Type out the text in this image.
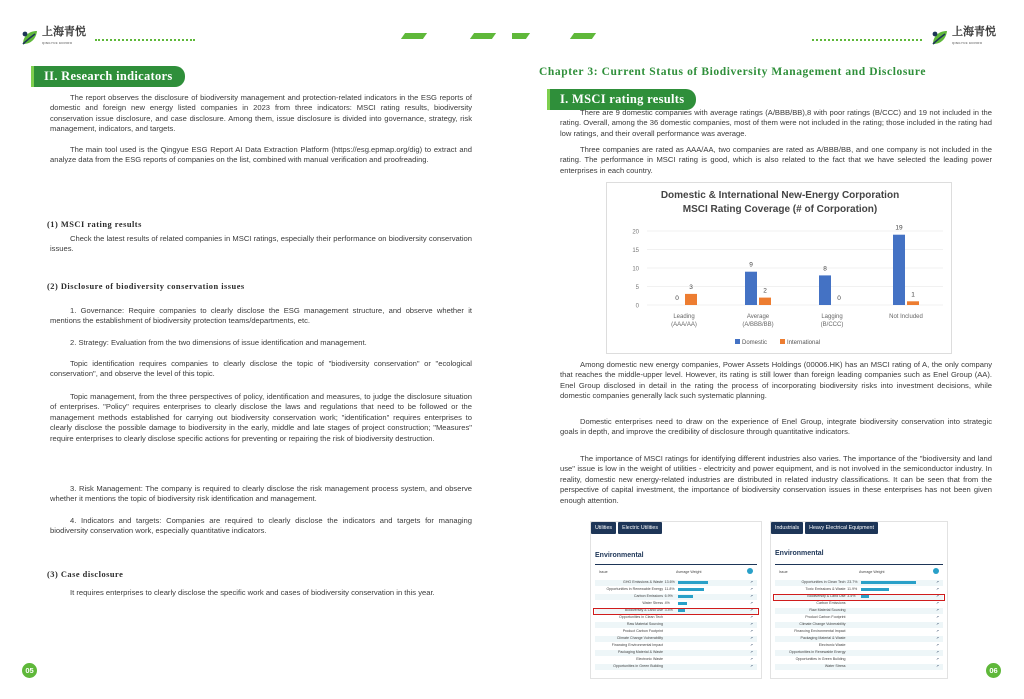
上海青悦
QINGYUE ENVIRO
II. Research indicators
The report observes the disclosure of biodiversity management and protection-related indicators in the ESG reports of domestic and foreign new energy listed companies in 2023 from three indicators: MSCI rating results, biodiversity conservation issue disclosure, and case disclosure. Among them, issue disclosure is divided into governance, strategy, risk management, indicators, and targets.
The main tool used is the Qingyue ESG Report AI Data Extraction Platform (https://esg.epmap.org/dig) to extract and analyze data from the ESG reports of companies on the list, combined with manual verification and proofreading.
(1) MSCI rating results
Check the latest results of related companies in MSCI ratings, especially their performance on biodiversity conservation issues.
(2) Disclosure of biodiversity conservation issues
1. Governance: Require companies to clearly disclose the ESG management structure, and observe whether it mentions the establishment of biodiversity protection teams/departments, etc.
2. Strategy: Evaluation from the two dimensions of issue identification and management.
Topic identification requires companies to clearly disclose the topic of "biodiversity conservation" or "ecological conservation", and observe the level of this topic.
Topic management, from the three perspectives of policy, identification and measures, to judge the disclosure situation of enterprises. "Policy" requires enterprises to clearly disclose the laws and regulations that need to be followed or the management methods established for carrying out biodiversity conservation work; "identification" requires enterprises to clearly disclose the possible damage to biodiversity in the early, middle and late stages of project construction; "Measures" require enterprises to clearly disclose specific actions for preventing or repairing the risk of biodiversity destruction.
3. Risk Management: The company is required to clearly disclose the risk management process system, and observe whether it mentions the topic of biodiversity risk identification and management.
4. Indicators and targets: Companies are required to clearly disclose the indicators and targets for managing biodiversity conservation work, especially quantitative indicators.
(3) Case disclosure
It requires enterprises to clearly disclose the specific work and cases of biodiversity conservation in this year.
05
上海青悦
QINGYUE ENVIRO
Chapter 3: Current Status of Biodiversity Management and Disclosure
I. MSCI rating results
There are 9 domestic companies with average ratings (A/BBB/BB),8 with poor ratings (B/CCC) and 19 not included in the rating. Overall, among the 36 domestic companies, most of them were not included in the rating; those included in the rating had low ratings, and their overall performance was average.
Three companies are rated as AAA/AA, two companies are rated as A/BBB/BB, and one company is not included in the rating. The performance in MSCI rating is good, which is also related to the fact that we have selected the leading power enterprises in each country.
Domestic & International New-Energy Corporation
MSCI Rating Coverage (# of Corporation)
0
5
10
15
20
0
3
Leading
(AAA/AA)
9
2
Average
(A/BBB/BB)
8
0
Lagging
(B/CCC)
19
1
Not Included
Domestic	International
Among domestic new energy companies, Power Assets Holdings (00006.HK) has an MSCI rating of A, the only company that reaches the middle-upper level. However, its rating is still lower than foreign leading companies such as Enel Group (AA). Enel Group disclosed in detail in the rating the process of incorporating biodiversity risks into investment decisions, while domestic companies generally lack such systematic planning.
Domestic enterprises need to draw on the experience of Enel Group, integrate biodiversity conservation into strategic goals in depth, and improve the credibility of disclosure through quantitative indicators.
The importance of MSCI ratings for identifying different industries also varies. The importance of the "biodiversity and land use" issue is low in the weight of utilities - electricity and power equipment, and is not involved in the semiconductor industry. In reality, domestic new energy-related industries are distributed in related industry classifications. It can be seen that from the perspective of capital investment, the importance of biodiversity conservation issues in these enterprises has not been given enough attention.
Utilities	Electric Utilities
Environmental
Issue	Average Weight
GHG Emissions & Waste 13.6%	↗
Opportunities in Renewable Energy 11.8%	↗
Carbon Emissions 6.9%	↗
Water Stress 4%	↗
Biodiversity & Land Use 3.4%	↗
Opportunities in Clean Tech	↗
Raw Material Sourcing	↗
Product Carbon Footprint	↗
Climate Change Vulnerability	↗
Financing Environmental Impact	↗
Packaging Material & Waste	↗
Electronic Waste	↗
Opportunities in Green Building	↗
Industrials	Heavy Electrical Equipment
Environmental
Issue	Average Weight
Opportunities in Clean Tech 23.7%	↗
Toxic Emissions & Waste 11.9%	↗
Biodiversity & Land Use 3.5%	↗
Carbon Emissions	↗
Raw Material Sourcing	↗
Product Carbon Footprint	↗
Climate Change Vulnerability	↗
Financing Environmental Impact	↗
Packaging Material & Waste	↗
Electronic Waste	↗
Opportunities in Renewable Energy	↗
Opportunities in Green Building	↗
Water Stress	↗	06
